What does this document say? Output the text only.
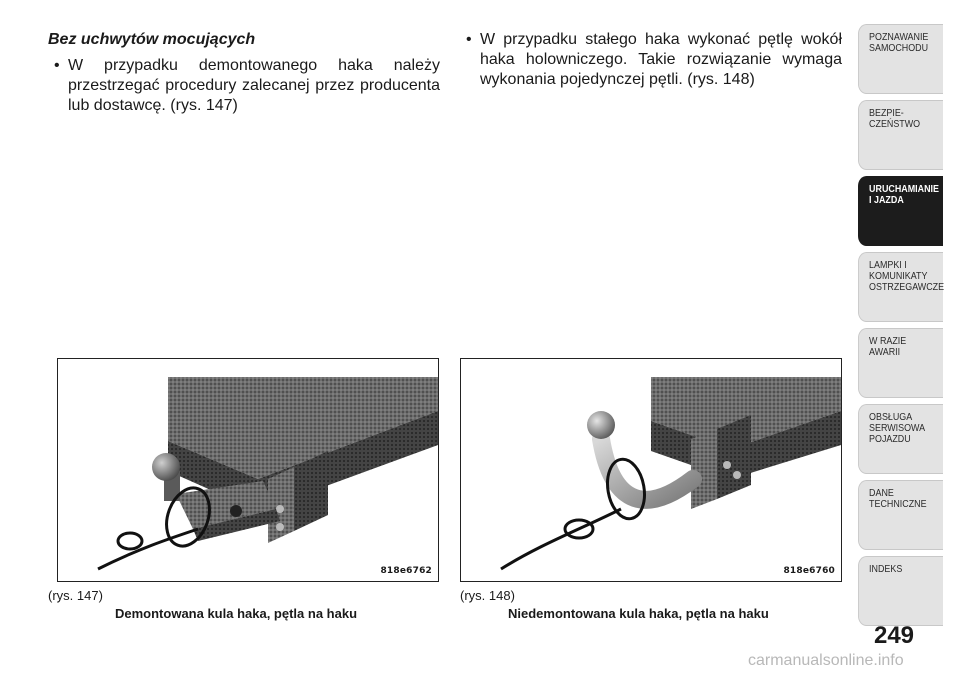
Bez uchwytów mocujących

• W przypadku demontowanego haka należy przestrzegać procedury zalecanej przez producenta lub dostawcę. (rys. 147)

• W przypadku stałego haka wykonać pętlę wokół haka holowniczego. Takie rozwiązanie wymaga wykonania pojedynczej pętli. (rys. 148)

818e6762	818e6760
(rys. 147)
Demontowana kula haka, pętla na haku
(rys. 148)
Niedemontowana kula haka, pętla na haku
POZNAWANIE
SAMOCHODU
BEZPIE-
CZEŃSTWO
URUCHAMIANIE
I JAZDA
LAMPKI I
KOMUNIKATY
OSTRZEGAWCZE
W RAZIE
AWARII
OBSŁUGA
SERWISOWA
POJAZDU
DANE
TECHNICZNE
INDEKS
249
carmanualsonline.info
